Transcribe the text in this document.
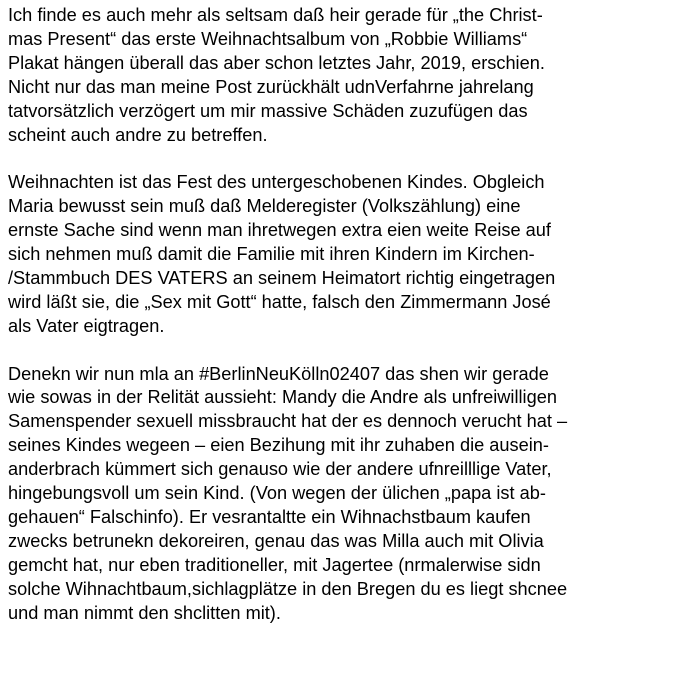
Ich finde es auch mehr als seltsam daß heir gerade für „the Christ-
mas Present“ das erste Weihnachtsalbum von „Robbie Williams“
Plakat hängen überall das aber schon letztes Jahr, 2019, erschien.
Nicht nur das man meine Post zurückhält udnVerfahrne jahrelang
tatvorsätzlich verzögert um mir massive Schäden zuzufügen das
scheint auch andre zu betreffen.
Weihnachten ist das Fest des untergeschobenen Kindes. Obgleich
Maria bewusst sein muß daß Melderegister (Volkszählung) eine
ernste Sache sind wenn man ihretwegen extra eien weite Reise auf
sich nehmen muß damit die Familie mit ihren Kindern im Kirchen-
/Stammbuch DES VATERS an seinem Heimatort richtig eingetragen
wird läßt sie, die „Sex mit Gott“ hatte, falsch den Zimmermann José
als Vater eigtragen.
Denekn wir nun mla an #BerlinNeuKölln02407 das shen wir gerade
wie sowas in der Relität aussieht: Mandy die Andre als unfreiwilligen
Samenspender sexuell missbraucht hat der es dennoch verucht hat –
seines Kindes wegeen – eien Bezihung mit ihr zuhaben die ausein-
anderbrach kümmert sich genauso wie der andere ufnreilllige Vater,
hingebungsvoll um sein Kind. (Von wegen der ülichen „papa ist ab-
gehauen“ Falschinfo). Er vesrantaltte ein Wihnachstbaum kaufen
zwecks betrunekn dekoreiren, genau das was Milla auch mit Olivia
gemcht hat, nur eben traditioneller, mit Jagertee (nrmalerwise sidn
solche Wihnachtbaum,sichlagplätze in den Bregen du es liegt shcnee
und man nimmt den shclitten mit).
